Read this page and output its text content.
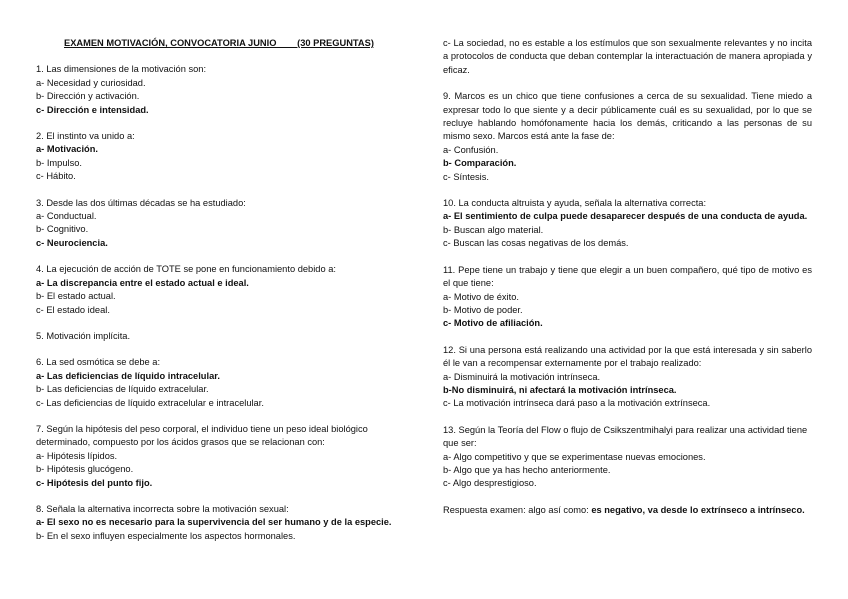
EXAMEN MOTIVACIÓN, CONVOCATORIA JUNIO        (30 PREGUNTAS)
1. Las dimensiones de la motivación son:
a- Necesidad y curiosidad.
b- Dirección y activación.
c- Dirección e intensidad.
2. El instinto va unido a:
a- Motivación.
b- Impulso.
c- Hábito.
3. Desde las dos últimas décadas se ha estudiado:
a- Conductual.
b- Cognitivo.
c- Neurociencia.
4. La ejecución de acción de TOTE se pone en funcionamiento debido a:
a- La discrepancia entre el estado actual e ideal.
b- El estado actual.
c- El estado ideal.
5. Motivación implícita.
6. La sed osmótica se debe a:
a- Las deficiencias de líquido intracelular.
b- Las deficiencias de líquido extracelular.
c- Las deficiencias de líquido extracelular e intracelular.
7. Según la hipótesis del peso corporal, el individuo tiene un peso ideal biológico determinado, compuesto por los ácidos grasos que se relacionan con:
a- Hipótesis lípidos.
b- Hipótesis glucógeno.
c- Hipótesis del punto fijo.
8. Señala la alternativa incorrecta sobre la motivación sexual:
a- El sexo no es necesario para la supervivencia del ser humano y de la especie.
b- En el sexo influyen especialmente los aspectos hormonales.
c- La sociedad, no es estable a los estímulos que son sexualmente relevantes y no incita a protocolos de conducta que deban contemplar la interactuación de manera apropiada y eficaz.
9. Marcos es un chico que tiene confusiones a cerca de su sexualidad. Tiene miedo a expresar todo lo que siente y a decir públicamente cuál es su sexualidad, por lo que se recluye hablando homófonamente hacia los demás, criticando a las personas de su mismo sexo. Marcos está ante la fase de:
a- Confusión.
b- Comparación.
c- Síntesis.
10. La conducta altruista y ayuda, señala la alternativa correcta:
a- El sentimiento de culpa puede desaparecer después de una conducta de ayuda.
b- Buscan algo material.
c- Buscan las cosas negativas de los demás.
11. Pepe tiene un trabajo y tiene que elegir a un buen compañero, qué tipo de motivo es el que tiene:
a- Motivo de éxito.
b- Motivo de poder.
c- Motivo de afiliación.
12. Si una persona está realizando una actividad por la que está interesada y sin saberlo él le van a recompensar externamente por el trabajo realizado:
a- Disminuirá la motivación intrínseca.
b-No disminuirá, ni afectará la motivación intrínseca.
c- La motivación intrínseca dará paso a la motivación extrínseca.
13. Según la Teoría del Flow o flujo de Csikszentmihalyi para realizar una actividad tiene que ser:
a- Algo competitivo y que se experimentase nuevas emociones.
b- Algo que ya has hecho anteriormente.
c- Algo desprestigioso.
Respuesta examen: algo así como: es negativo, va desde lo extrínseco a intrínseco.
